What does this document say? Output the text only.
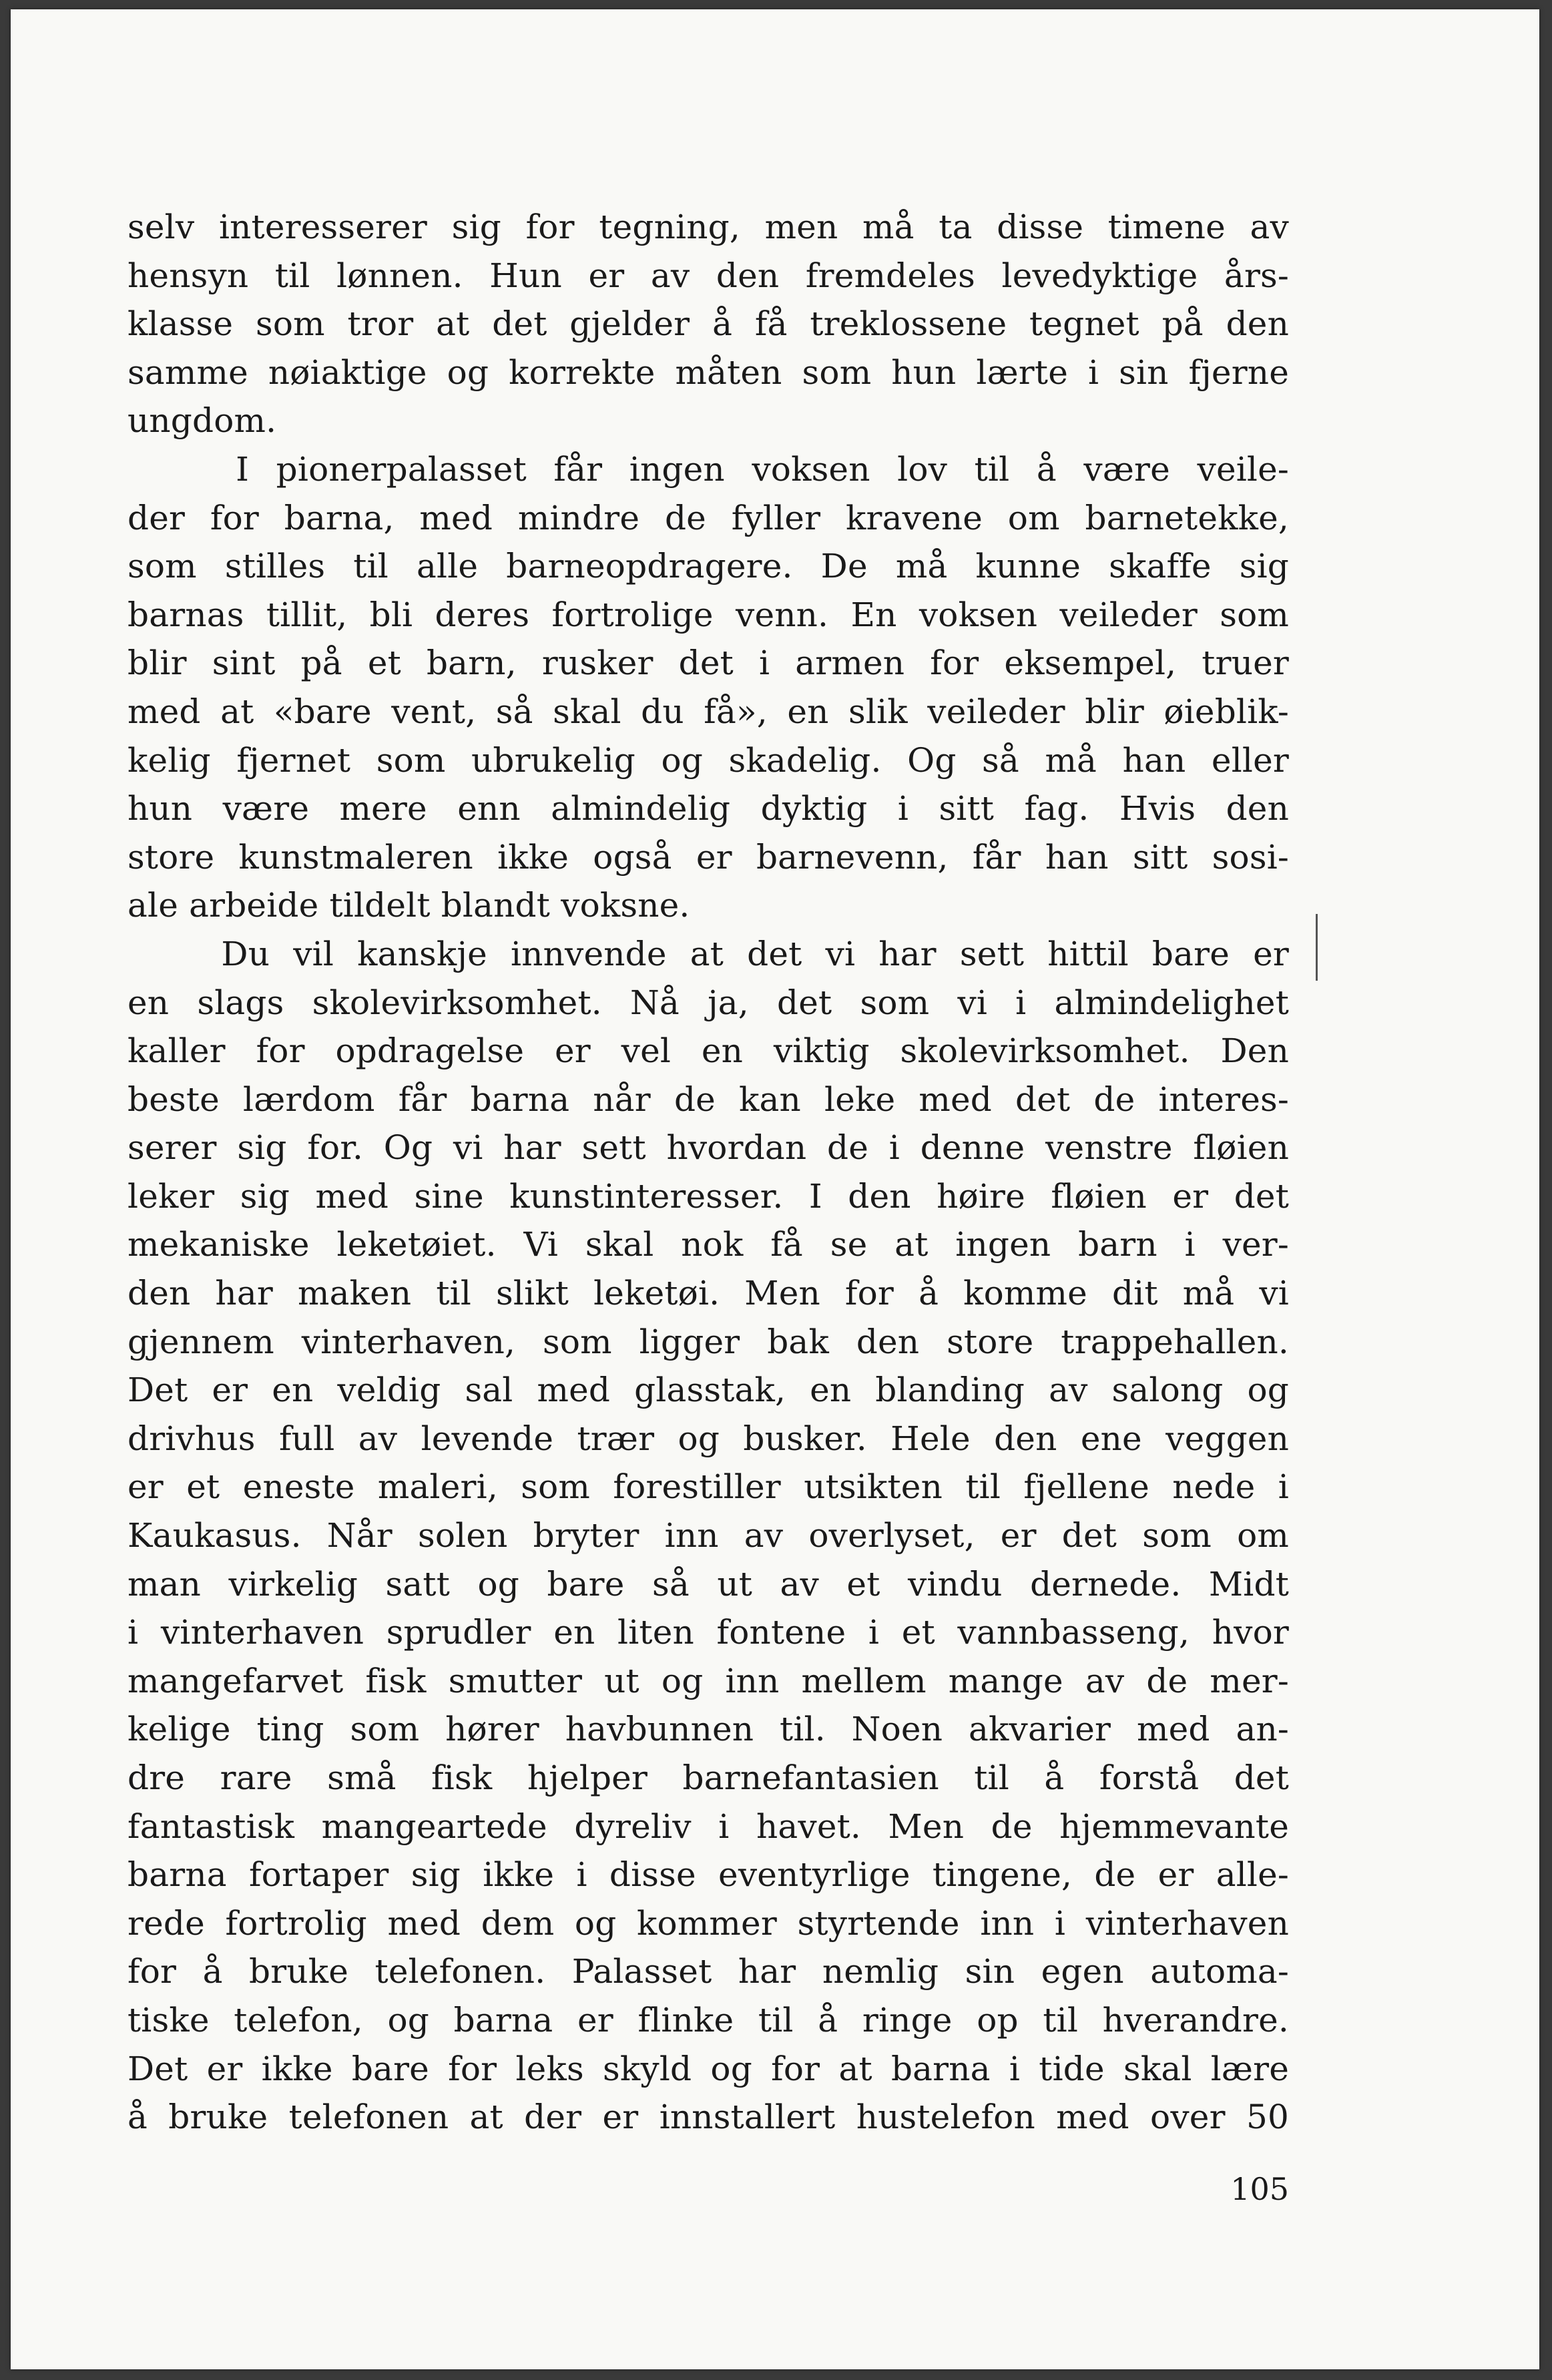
selv interesserer sig for tegning, men må ta disse timene av
hensyn til lønnen. Hun er av den fremdeles levedyktige års-
klasse som tror at det gjelder å få treklossene tegnet på den
samme nøiaktige og korrekte måten som hun lærte i sin fjerne
ungdom.
I pionerpalasset får ingen voksen lov til å være veile-
der for barna, med mindre de fyller kravene om barnetekke,
som stilles til alle barneopdragere. De må kunne skaffe sig
barnas tillit, bli deres fortrolige venn. En voksen veileder som
blir sint på et barn, rusker det i armen for eksempel, truer
med at «bare vent, så skal du få», en slik veileder blir øieblik-
kelig fjernet som ubrukelig og skadelig. Og så må han eller
hun være mere enn almindelig dyktig i sitt fag. Hvis den
store kunstmaleren ikke også er barnevenn, får han sitt sosi-
ale arbeide tildelt blandt voksne.
Du vil kanskje innvende at det vi har sett hittil bare er
en slags skolevirksomhet. Nå ja, det som vi i almindelighet
kaller for opdragelse er vel en viktig skolevirksomhet. Den
beste lærdom får barna når de kan leke med det de interes-
serer sig for. Og vi har sett hvordan de i denne venstre fløien
leker sig med sine kunstinteresser. I den høire fløien er det
mekaniske leketøiet. Vi skal nok få se at ingen barn i ver-
den har maken til slikt leketøi. Men for å komme dit må vi
gjennem vinterhaven, som ligger bak den store trappehallen.
Det er en veldig sal med glasstak, en blanding av salong og
drivhus full av levende trær og busker. Hele den ene veggen
er et eneste maleri, som forestiller utsikten til fjellene nede i
Kaukasus. Når solen bryter inn av overlyset, er det som om
man virkelig satt og bare så ut av et vindu dernede. Midt
i vinterhaven sprudler en liten fontene i et vannbasseng, hvor
mangefarvet fisk smutter ut og inn mellem mange av de mer-
kelige ting som hører havbunnen til. Noen akvarier med an-
dre rare små fisk hjelper barnefantasien til å forstå det
fantastisk mangeartede dyreliv i havet. Men de hjemmevante
barna fortaper sig ikke i disse eventyrlige tingene, de er alle-
rede fortrolig med dem og kommer styrtende inn i vinterhaven
for å bruke telefonen. Palasset har nemlig sin egen automa-
tiske telefon, og barna er flinke til å ringe op til hverandre.
Det er ikke bare for leks skyld og for at barna i tide skal lære
å bruke telefonen at der er innstallert hustelefon med over 50
105
